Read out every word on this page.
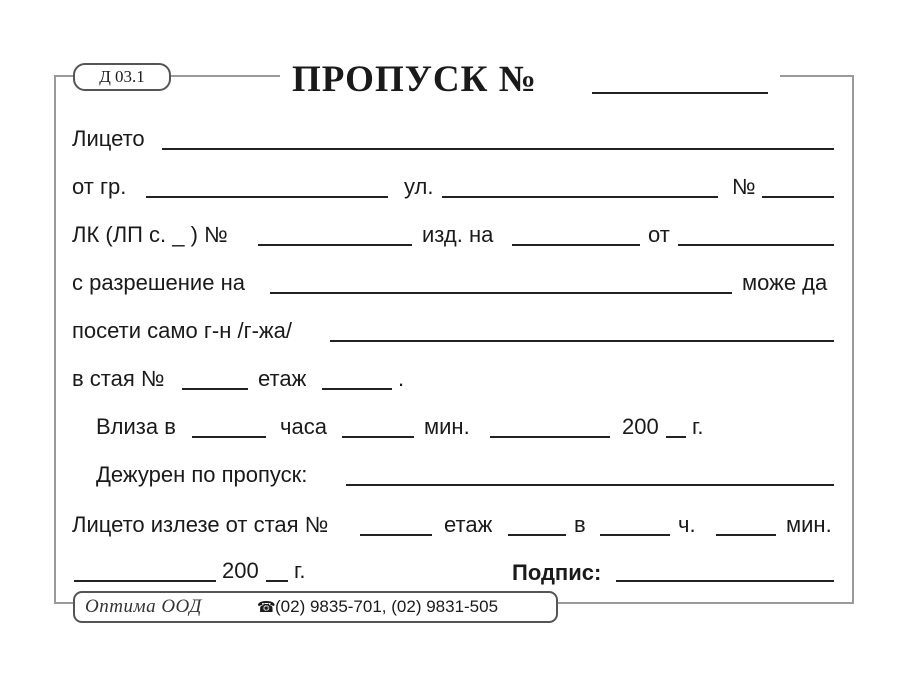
Д 03.1	ПРОПУСК №
Лицето
от гр.	ул.	№
ЛК (ЛП с. _ ) №	изд. на	от
с разрешение на	може да
посети само г-н /г-жа/
в стая №	етаж	.
Влиза в	часа	мин.	200 г.
Дежурен по пропуск:
Лицето излезе от стая №	етаж	в	ч.	мин.
200 г.	Подпис:
Оптима ООД	☎ (02) 9835-701, (02) 9831-505
